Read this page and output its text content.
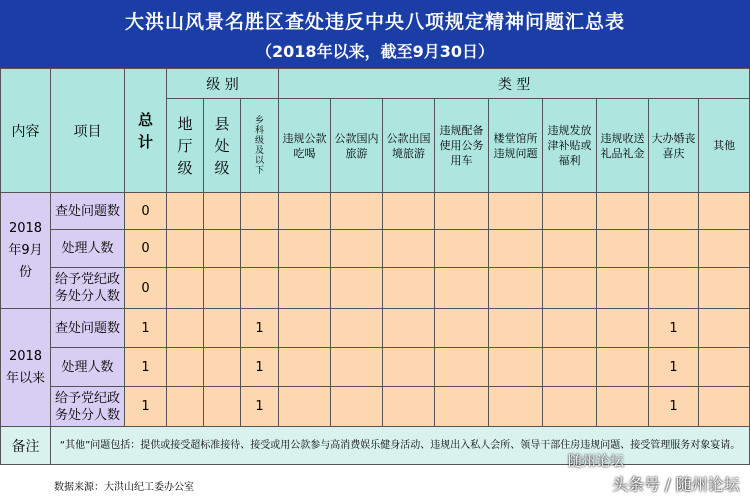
大洪山风景名胜区查处违反中央八项规定精神问题汇总表
（2018年以来，截至9月30日）
内容	项目	总计	级 别			类 型								
			地厅级	县处级	乡科级及以下	违规公款吃喝	公款国内旅游	公款出国境旅游	违规配备使用公务用车	楼堂馆所违规问题	违规发放津补贴或福利	违规收送礼品礼金	大办婚丧喜庆	其他
2018年9月份	查处问题数	0												
	处理人数	0												
	给予党纪政务处分人数	0												
2018年以来	查处问题数	1			1								1	
	处理人数	1			1								1	
	给予党纪政务处分人数	1			1								1	
备注	“其他”问题包括：提供或接受超标准接待、接受或用公款参与高消费娱乐健身活动、违规出入私人会所、领导干部住房违规问题、接受管理服务对象宴请。													
数据来源：大洪山纪工委办公室
随州论坛
头条号 / 随州论坛
